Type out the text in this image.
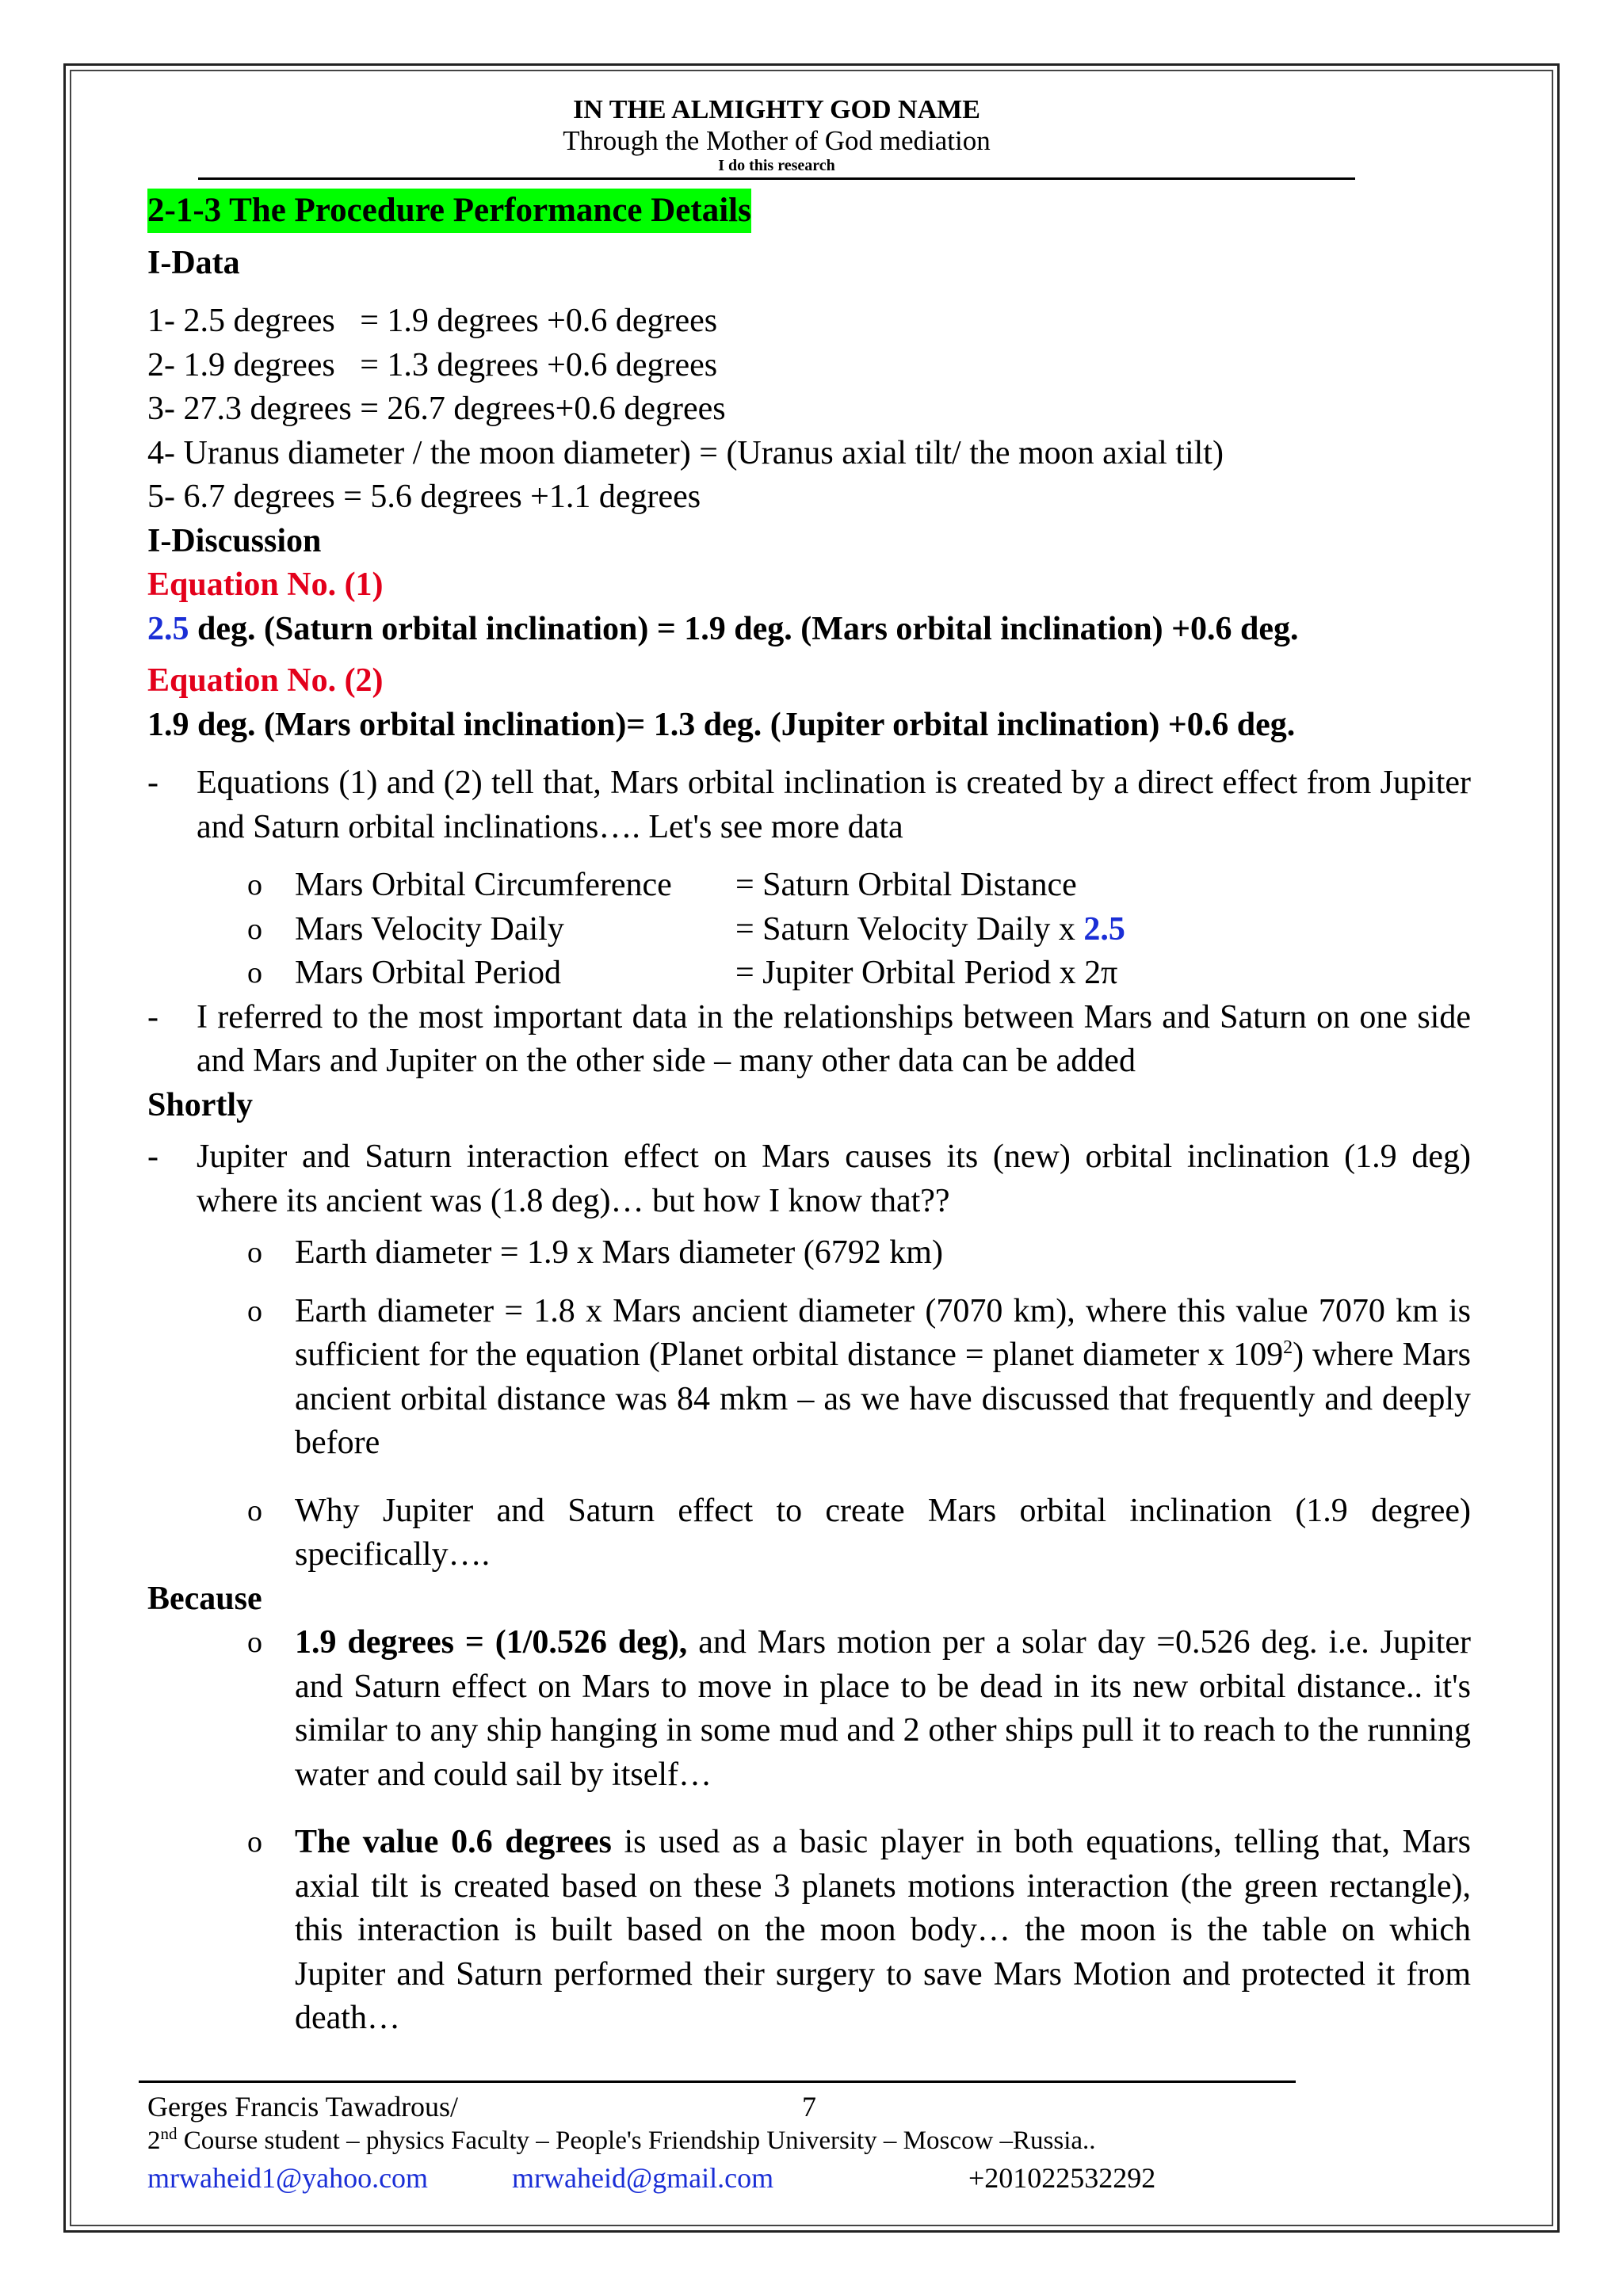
IN THE ALMIGHTY GOD NAME
Through the Mother of God mediation
I do this research

2-1-3 The Procedure Performance Details

I-Data

1- 2.5 degrees   = 1.9 degrees +0.6 degrees

2- 1.9 degrees   = 1.3 degrees +0.6 degrees

3- 27.3 degrees = 26.7 degrees+0.6 degrees

4- Uranus diameter / the moon diameter) = (Uranus axial tilt/ the moon axial tilt)

5- 6.7 degrees = 5.6 degrees +1.1 degrees

I-Discussion

Equation No. (1)

2.5 deg. (Saturn orbital inclination) = 1.9 deg. (Mars orbital inclination) +0.6 deg.

Equation No. (2)

1.9 deg. (Mars orbital inclination)= 1.3 deg. (Jupiter orbital inclination) +0.6 deg.

- Equations (1) and (2) tell that, Mars orbital inclination is created by a direct effect from Jupiter and Saturn orbital inclinations…. Let's see more data
o Mars Orbital Circumference = Saturn Orbital Distance
o Mars Velocity Daily	= Saturn Velocity Daily x 2.5
o Mars Orbital Period	= Jupiter Orbital Period x 2π
- I referred to the most important data in the relationships between Mars and Saturn on one side and Mars and Jupiter on the other side – many other data can be added

Shortly

- Jupiter and Saturn interaction effect on Mars causes its (new) orbital inclination (1.9 deg) where its ancient was (1.8 deg)… but how I know that??
o Earth diameter = 1.9 x Mars diameter (6792 km)
o Earth diameter = 1.8 x Mars ancient diameter (7070 km), where this value 7070 km is sufficient for the equation (Planet orbital distance = planet diameter x $109^2$) where Mars ancient orbital distance was 84 mkm – as we have discussed that frequently and deeply before
o Why Jupiter and Saturn effect to create Mars orbital inclination (1.9 degree) specifically….

Because

o 1.9 degrees = (1/0.526 deg), and Mars motion per a solar day =0.526 deg. i.e. Jupiter and Saturn effect on Mars to move in place to be dead in its new orbital distance.. it's similar to any ship hanging in some mud and 2 other ships pull it to reach to the running water and could sail by itself…
o The value 0.6 degrees is used as a basic player in both equations, telling that, Mars axial tilt is created based on these 3 planets motions interaction (the green rectangle), this interaction is built based on the moon body… the moon is the table on which Jupiter and Saturn performed their surgery to save Mars Motion and protected it from death…
Gerges Francis Tawadrous/	7
2nd Course student – physics Faculty – People's Friendship University – Moscow –Russia..
mrwaheid1@yahoo.com	mrwaheid@gmail.com	+201022532292
